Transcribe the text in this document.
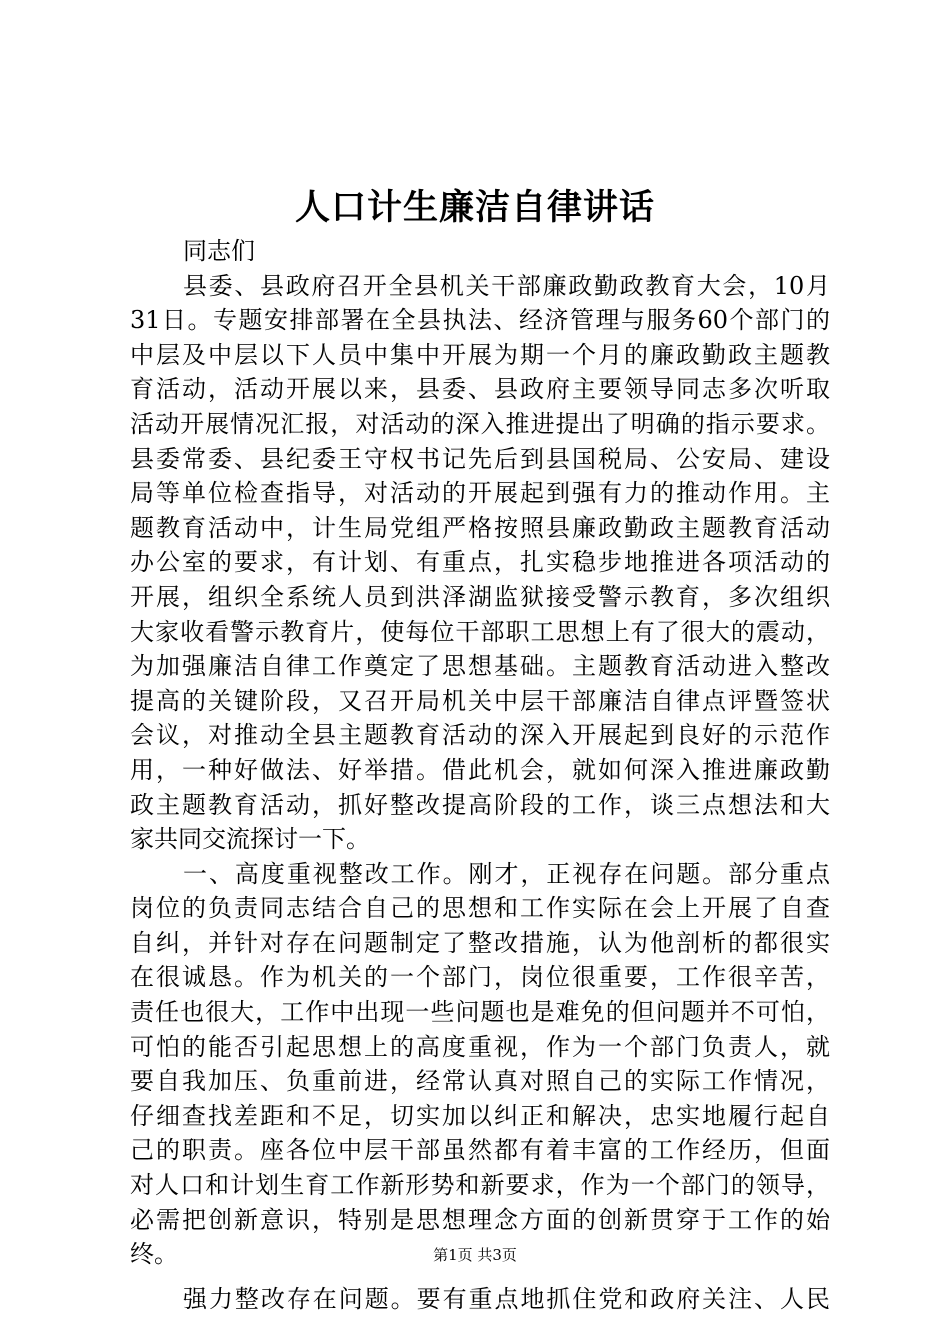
人口计生廉洁自律讲话
同志们
县委、县政府召开全县机关干部廉政勤政教育大会，10月
31日。专题安排部署在全县执法、经济管理与服务60个部门的
中层及中层以下人员中集中开展为期一个月的廉政勤政主题教
育活动，活动开展以来，县委、县政府主要领导同志多次听取
活动开展情况汇报，对活动的深入推进提出了明确的指示要求。
县委常委、县纪委王守权书记先后到县国税局、公安局、建设
局等单位检查指导，对活动的开展起到强有力的推动作用。主
题教育活动中，计生局党组严格按照县廉政勤政主题教育活动
办公室的要求，有计划、有重点，扎实稳步地推进各项活动的
开展，组织全系统人员到洪泽湖监狱接受警示教育，多次组织
大家收看警示教育片，使每位干部职工思想上有了很大的震动，
为加强廉洁自律工作奠定了思想基础。主题教育活动进入整改
提高的关键阶段，又召开局机关中层干部廉洁自律点评暨签状
会议，对推动全县主题教育活动的深入开展起到良好的示范作
用，一种好做法、好举措。借此机会，就如何深入推进廉政勤
政主题教育活动，抓好整改提高阶段的工作，谈三点想法和大
家共同交流探讨一下。
一、高度重视整改工作。刚才，正视存在问题。部分重点
岗位的负责同志结合自己的思想和工作实际在会上开展了自查
自纠，并针对存在问题制定了整改措施，认为他剖析的都很实
在很诚恳。作为机关的一个部门，岗位很重要，工作很辛苦，
责任也很大，工作中出现一些问题也是难免的但问题并不可怕，
可怕的能否引起思想上的高度重视，作为一个部门负责人，就
要自我加压、负重前进，经常认真对照自己的实际工作情况，
仔细查找差距和不足，切实加以纠正和解决，忠实地履行起自
己的职责。座各位中层干部虽然都有着丰富的工作经历，但面
对人口和计划生育工作新形势和新要求，作为一个部门的领导，
必需把创新意识，特别是思想理念方面的创新贯穿于工作的始
终。
强力整改存在问题。要有重点地抓住党和政府关注、人民
第1页 共3页
